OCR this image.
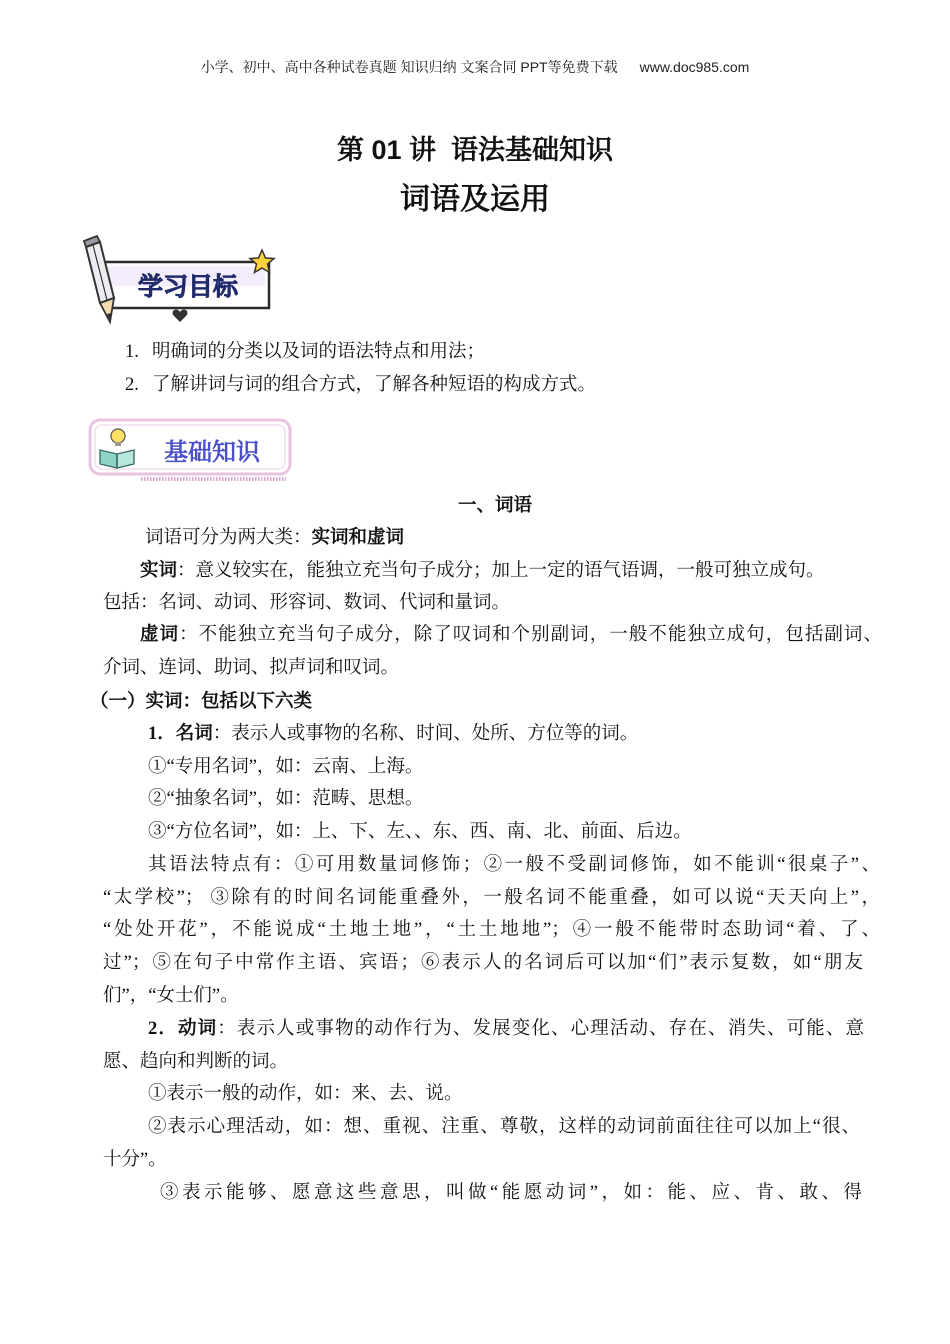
小学、初中、高中各种试卷真题 知识归纳 文案合同 PPT等免费下载 www.doc985.com
第 01 讲  语法基础知识
词语及运用
学习目标
1. 明确词的分类以及词的语法特点和用法；
2. 了解讲词与词的组合方式，了解各种短语的构成方式。
基础知识
一、词语
词语可分为两大类：实词和虚词
实词：意义较实在，能独立充当句子成分；加上一定的语气语调，一般可独立成句。
包括：名词、动词、形容词、数词、代词和量词。
虚词：不能独立充当句子成分，除了叹词和个别副词，一般不能独立成句，包括副词、
介词、连词、助词、拟声词和叹词。
（一）实词：包括以下六类
1．名词：表示人或事物的名称、时间、处所、方位等的词。
①“专用名词”，如：云南、上海。
②“抽象名词”，如：范畴、思想。
③“方位名词”，如：上、下、左、、东、西、南、北、前面、后边。
其语法特点有：①可用数量词修饰；②一般不受副词修饰，如不能训“很桌子”、
“太学校”； ③除有的时间名词能重叠外，一般名词不能重叠，如可以说“天天向上”，
“处处开花”，不能说成“土地土地”，“土土地地”；④一般不能带时态助词“着、了、
过”；⑤在句子中常作主语、宾语；⑥表示人的名词后可以加“们”表示复数，如“朋友
们”，“女士们”。
2．动词：表示人或事物的动作行为、发展变化、心理活动、存在、消失、可能、意
愿、趋向和判断的词。
①表示一般的动作，如：来、去、说。
②表示心理活动，如：想、重视、注重、尊敬，这样的动词前面往往可以加上“很、
十分”。
③表示能够、愿意这些意思，叫做“能愿动词”，如：能、应、肯、敢、得
